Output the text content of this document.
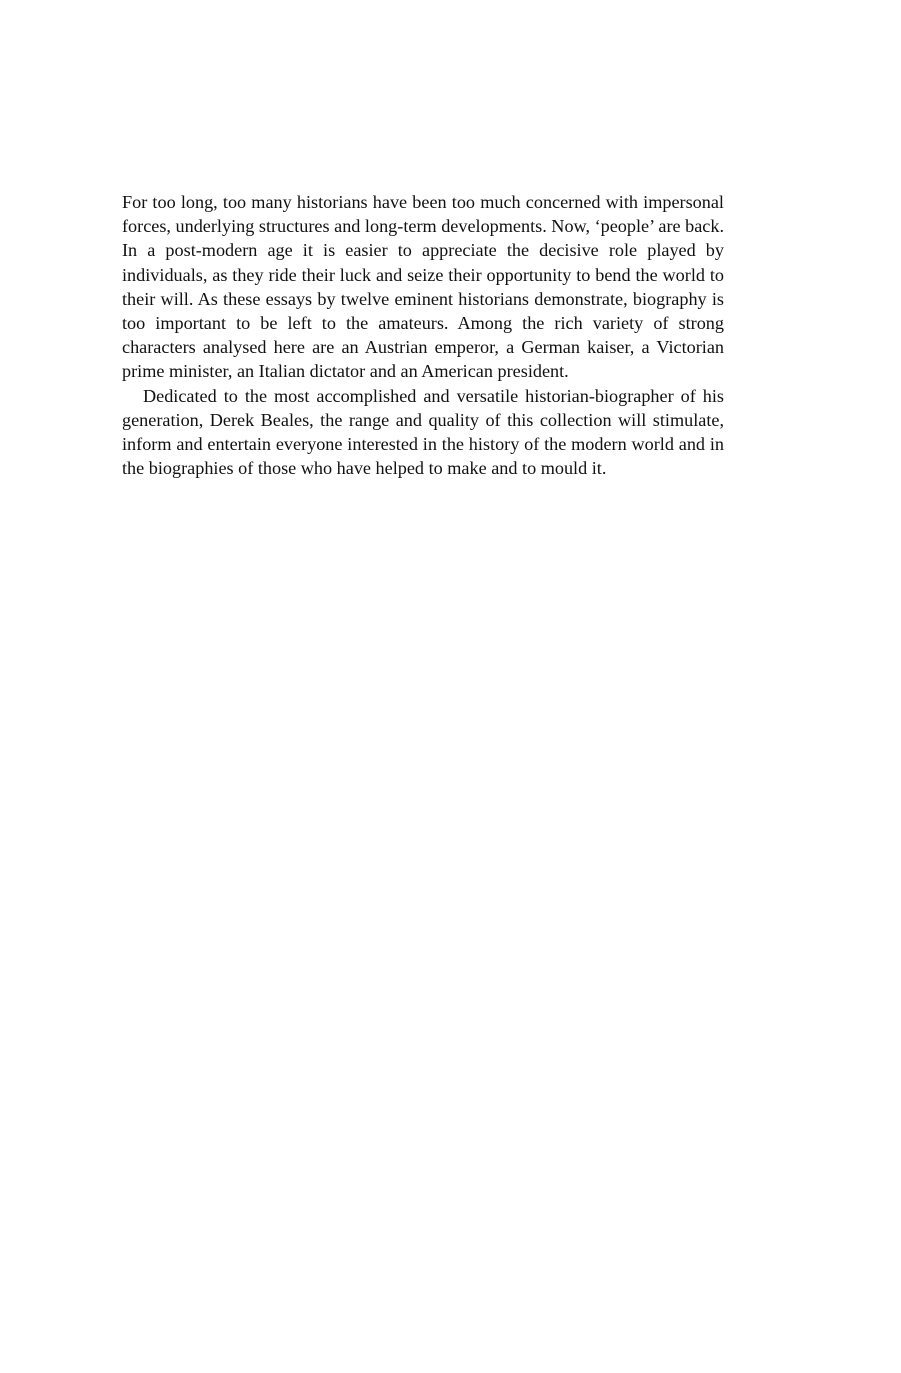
For too long, too many historians have been too much concerned with impersonal forces, underlying structures and long-term developments. Now, ‘people’ are back. In a post-modern age it is easier to appreciate the decisive role played by individuals, as they ride their luck and seize their opportunity to bend the world to their will. As these essays by twelve eminent historians demonstrate, biography is too important to be left to the amateurs. Among the rich variety of strong characters analysed here are an Austrian emperor, a German kaiser, a Victorian prime minister, an Italian dictator and an American president.

Dedicated to the most accomplished and versatile historian-biographer of his generation, Derek Beales, the range and quality of this collection will stimulate, inform and entertain everyone interested in the history of the modern world and in the biographies of those who have helped to make and to mould it.
